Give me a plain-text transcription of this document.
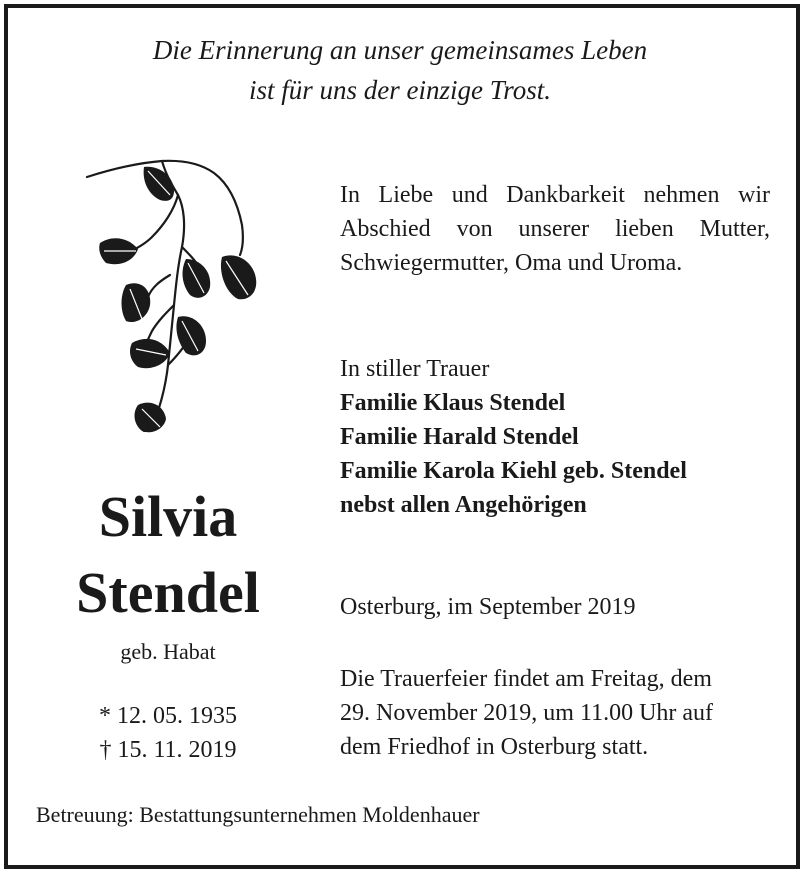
Die Erinnerung an unser gemeinsames Leben
ist für uns der einzige Trost.
Silvia
Stendel
geb. Habat
* 12. 05. 1935
† 15. 11. 2019
In Liebe und Dankbarkeit nehmen wir
Abschied von unserer lieben Mutter,
Schwiegermutter, Oma und Uroma.
In stiller Trauer
Familie Klaus Stendel
Familie Harald Stendel
Familie Karola Kiehl geb. Stendel
nebst allen Angehörigen
Osterburg, im September 2019
Die Trauerfeier findet am Freitag, dem
29. November 2019, um 11.00 Uhr auf
dem Friedhof in Osterburg statt.
Betreuung: Bestattungsunternehmen Moldenhauer
